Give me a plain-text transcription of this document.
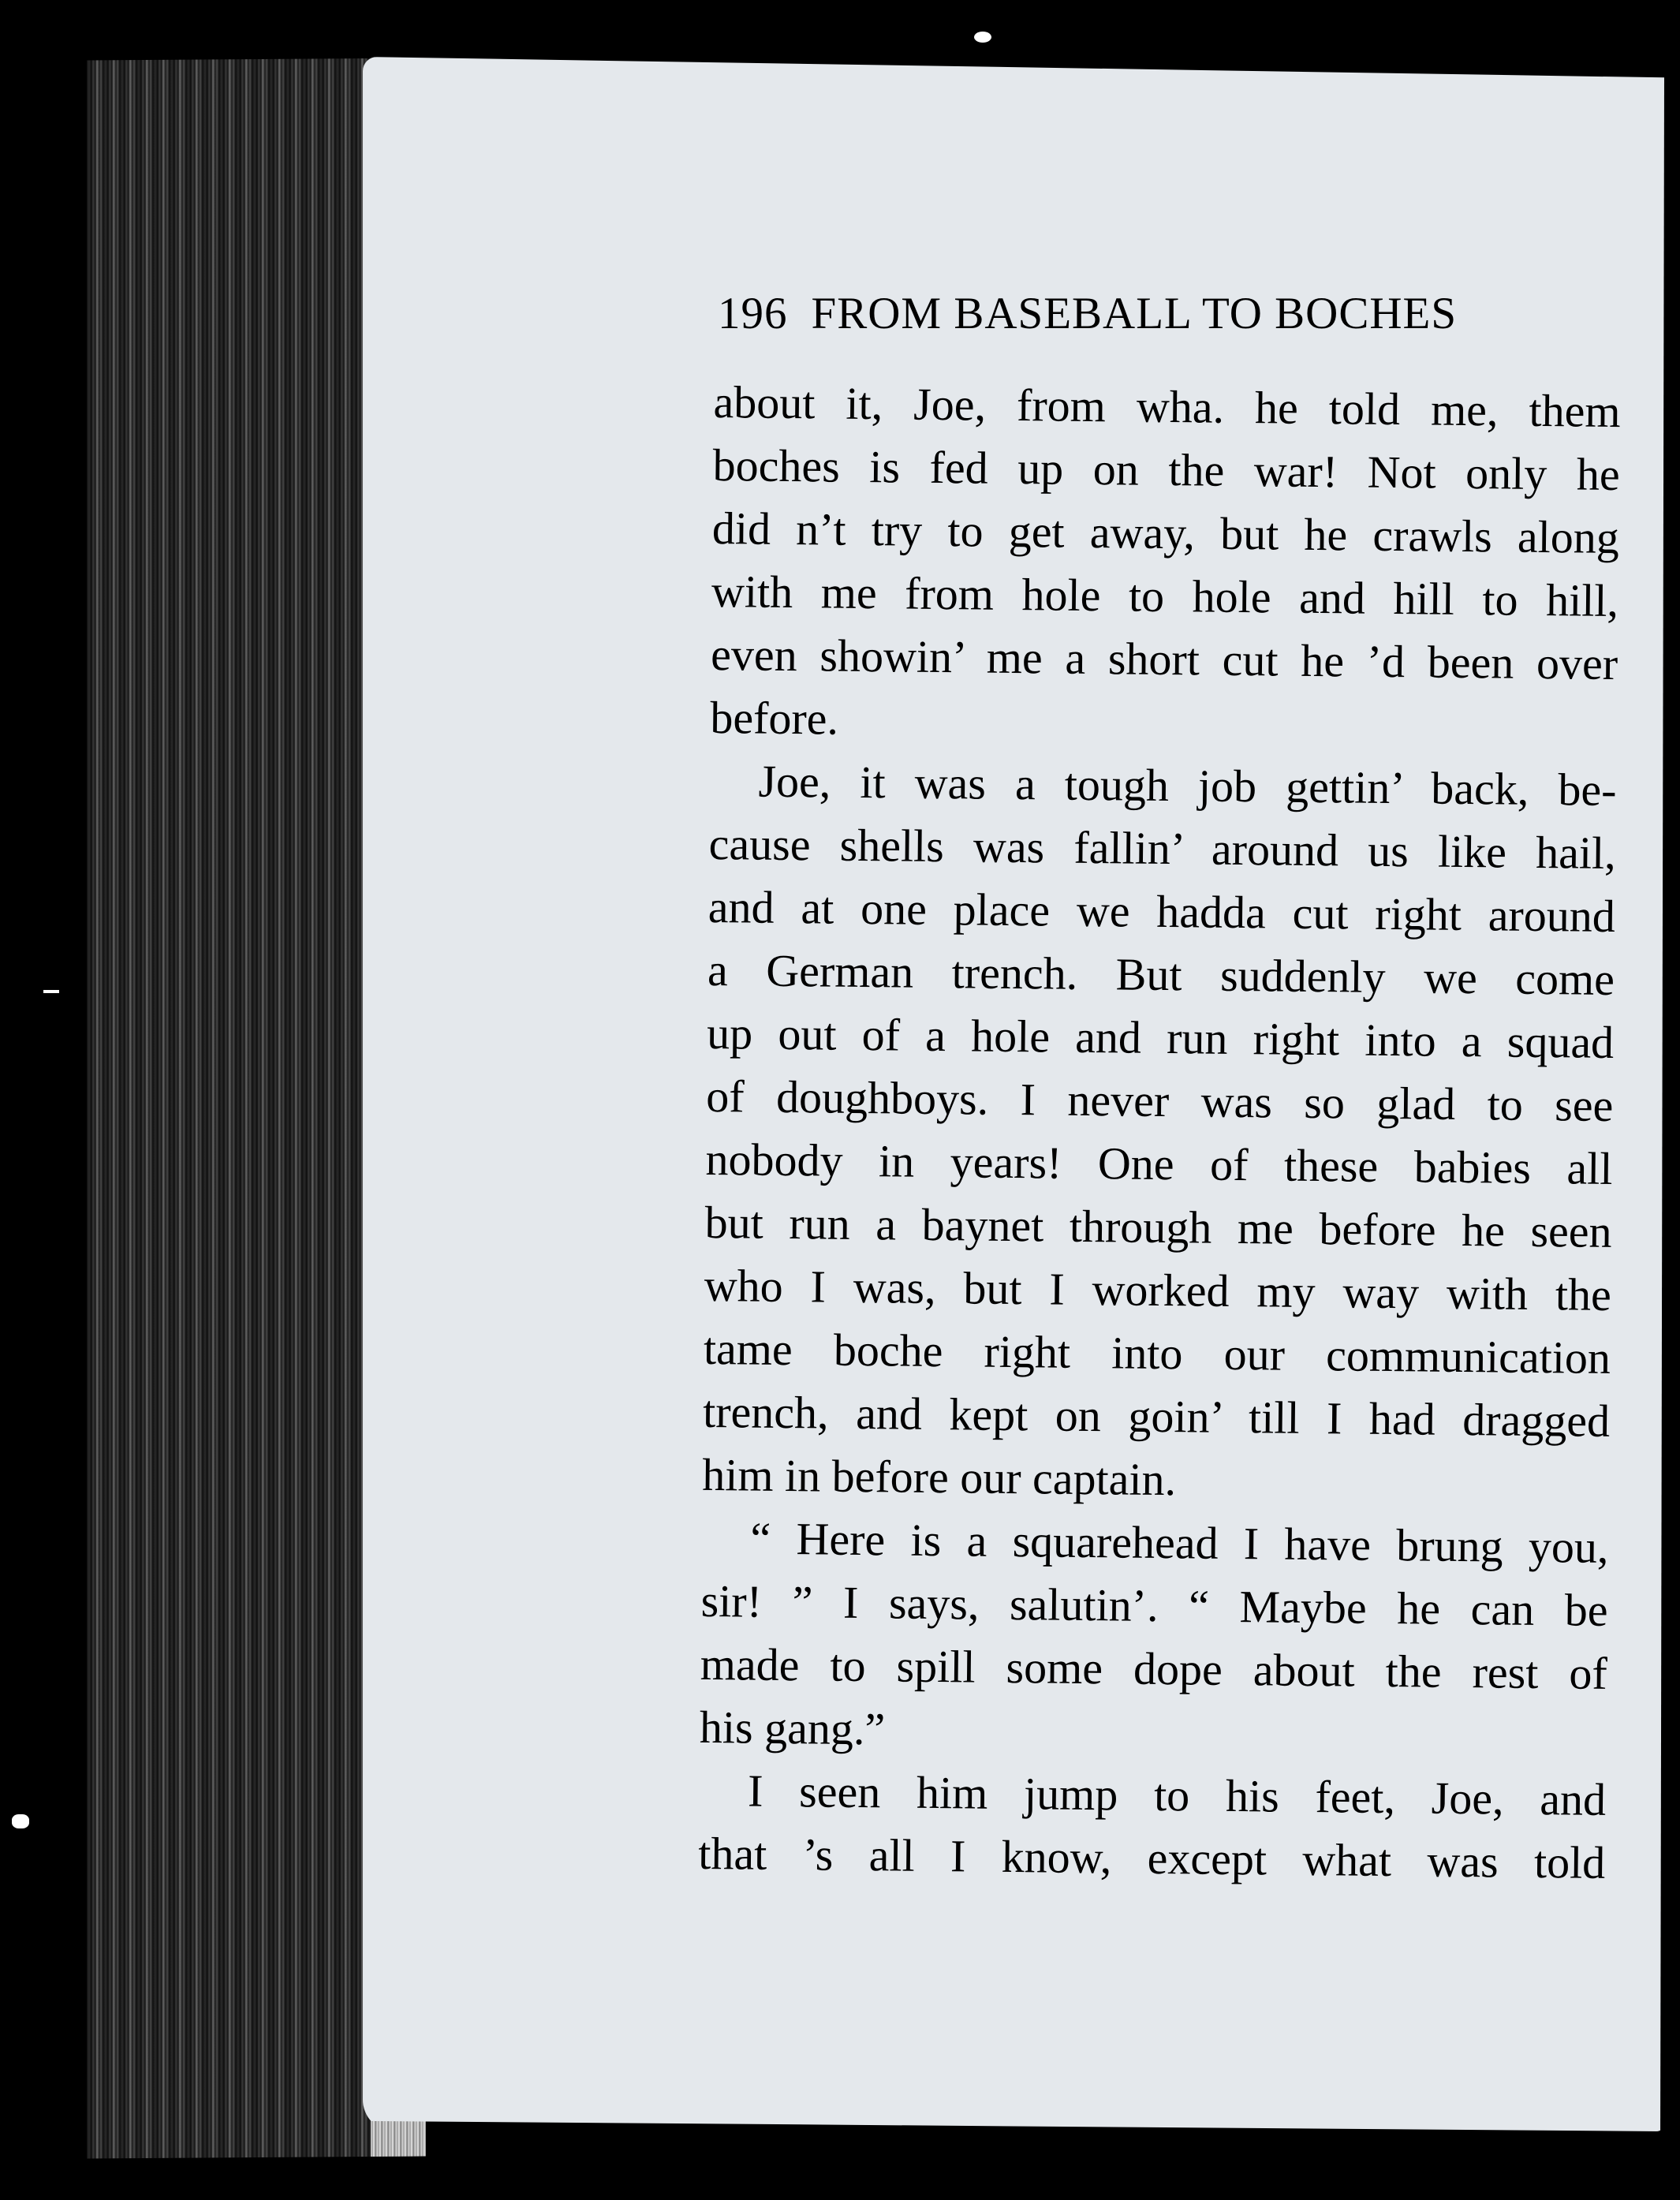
196 FROM BASEBALL TO BOCHES
about it, Joe, from wha. he told me, them
boches is fed up on the war! Not only he
did n’t try to get away, but he crawls along
with me from hole to hole and hill to hill,
even showin’ me a short cut he ’d been over
before.
Joe, it was a tough job gettin’ back, be-
cause shells was fallin’ around us like hail,
and at one place we hadda cut right around
a German trench. But suddenly we come
up out of a hole and run right into a squad
of doughboys. I never was so glad to see
nobody in years! One of these babies all
but run a baynet through me before he seen
who I was, but I worked my way with the
tame boche right into our communication
trench, and kept on goin’ till I had dragged
him in before our captain.
“ Here is a squarehead I have brung you,
sir! ” I says, salutin’. “ Maybe he can be
made to spill some dope about the rest of
his gang.”
I seen him jump to his feet, Joe, and
that ’s all I know, except what was told
